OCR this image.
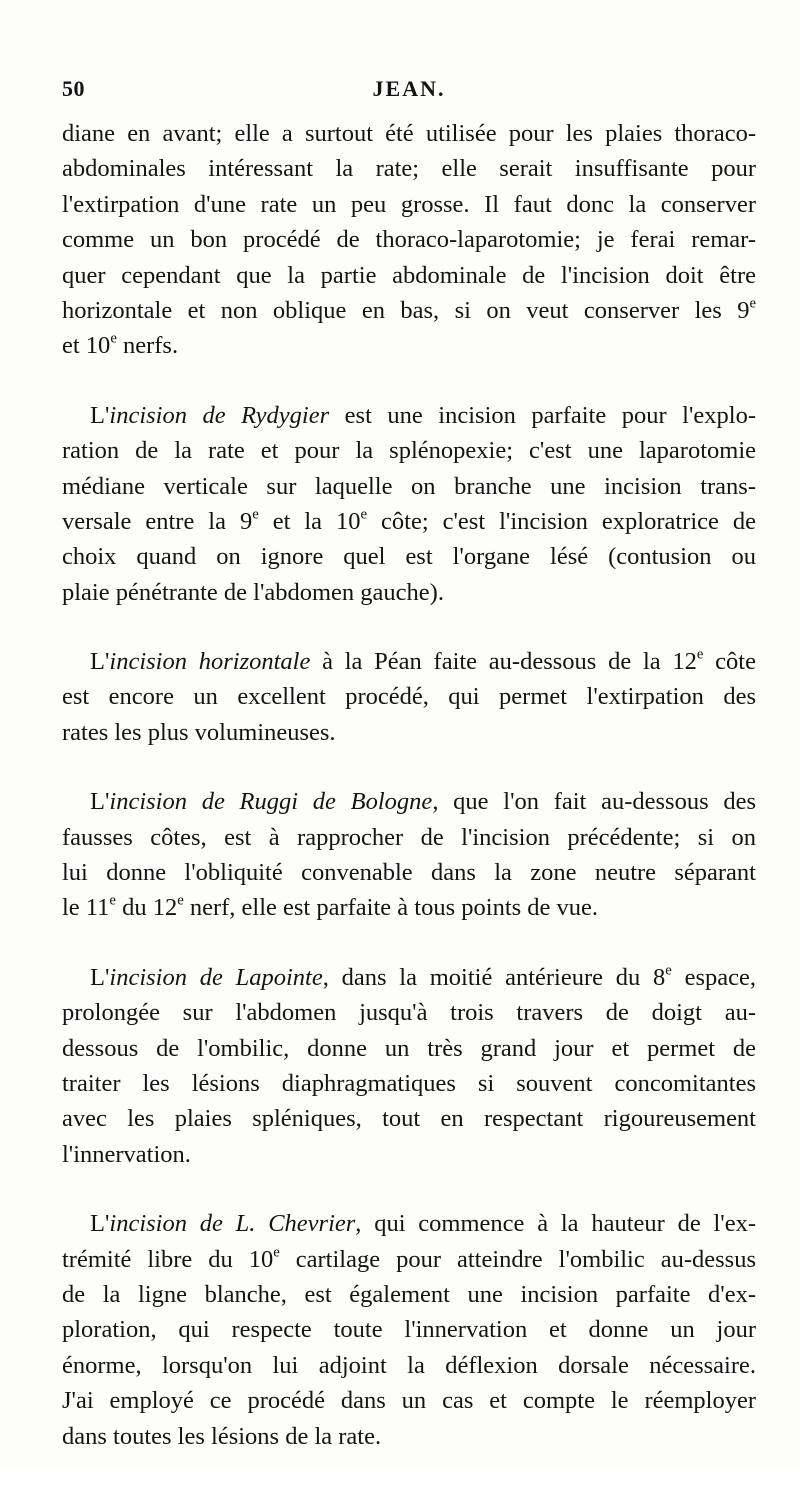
50	JEAN.
diane en avant; elle a surtout été utilisée pour les plaies thoraco-
abdominales intéressant la rate; elle serait insuffisante pour
l'extirpation d'une rate un peu grosse. Il faut donc la conserver
comme un bon procédé de thoraco-laparotomie; je ferai remar-
quer cependant que la partie abdominale de l'incision doit être
horizontale et non oblique en bas, si on veut conserver les 9e
et 10e nerfs.
L'incision de Rydygier est une incision parfaite pour l'explo-
ration de la rate et pour la splénopexie; c'est une laparotomie
médiane verticale sur laquelle on branche une incision trans-
versale entre la 9e et la 10e côte; c'est l'incision exploratrice de
choix quand on ignore quel est l'organe lésé (contusion ou
plaie pénétrante de l'abdomen gauche).
L'incision horizontale à la Péan faite au-dessous de la 12e côte
est encore un excellent procédé, qui permet l'extirpation des
rates les plus volumineuses.
L'incision de Ruggi de Bologne, que l'on fait au-dessous des
fausses côtes, est à rapprocher de l'incision précédente; si on
lui donne l'obliquité convenable dans la zone neutre séparant
le 11e du 12e nerf, elle est parfaite à tous points de vue.
L'incision de Lapointe, dans la moitié antérieure du 8e espace,
prolongée sur l'abdomen jusqu'à trois travers de doigt au-
dessous de l'ombilic, donne un très grand jour et permet de
traiter les lésions diaphragmatiques si souvent concomitantes
avec les plaies spléniques, tout en respectant rigoureusement
l'innervation.
L'incision de L. Chevrier, qui commence à la hauteur de l'ex-
trémité libre du 10e cartilage pour atteindre l'ombilic au-dessus
de la ligne blanche, est également une incision parfaite d'ex-
ploration, qui respecte toute l'innervation et donne un jour
énorme, lorsqu'on lui adjoint la déflexion dorsale nécessaire.
J'ai employé ce procédé dans un cas et compte le réemployer
dans toutes les lésions de la rate.
